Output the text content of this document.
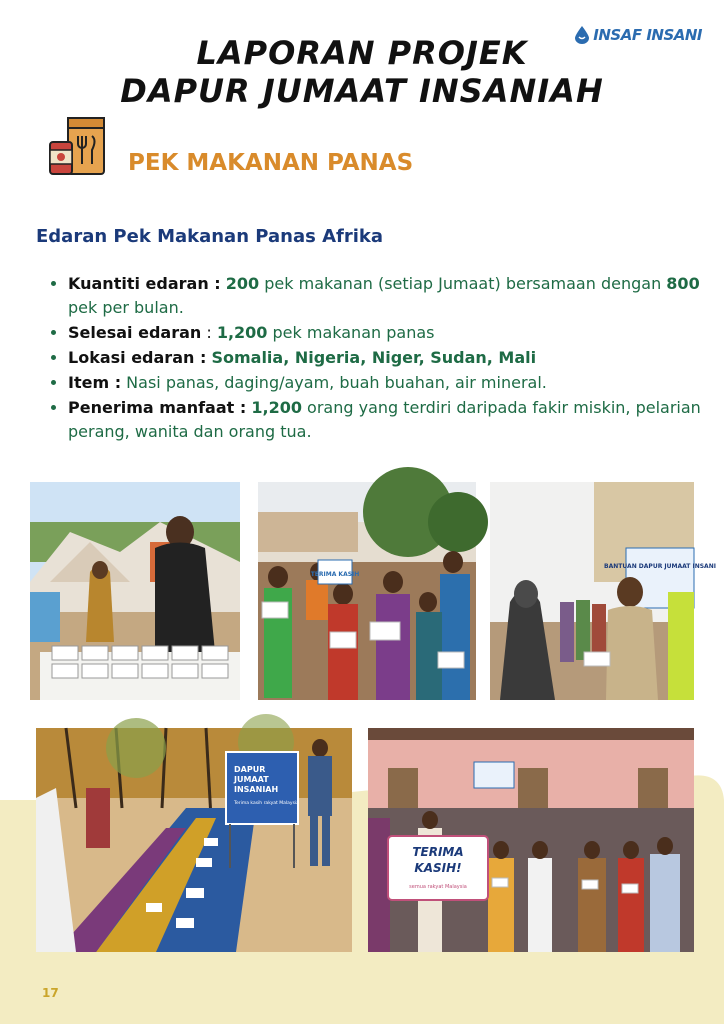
INSAF INSANI
LAPORAN PROJEK
DAPUR JUMAAT INSANIAH
PEK MAKANAN PANAS
Edaran Pek Makanan Panas Afrika
• Kuantiti edaran : 200 pek makanan (setiap Jumaat) bersamaan dengan 800 pek per bulan.
• Selesai edaran : 1,200 pek makanan panas
• Lokasi edaran : Somalia, Nigeria, Niger, Sudan, Mali
• Item : Nasi panas, daging/ayam, buah buahan, air mineral.
• Penerima manfaat : 1,200 orang yang terdiri daripada fakir miskin, pelarian perang, wanita dan orang tua.
TERIMA KASIH
BANTUAN DAPUR JUMAAT INSANI
DAPUR
JUMAAT
INSANIAH
Terima kasih rakyat Malaysia
TERIMA
KASIH!
semua rakyat Malaysia
17
